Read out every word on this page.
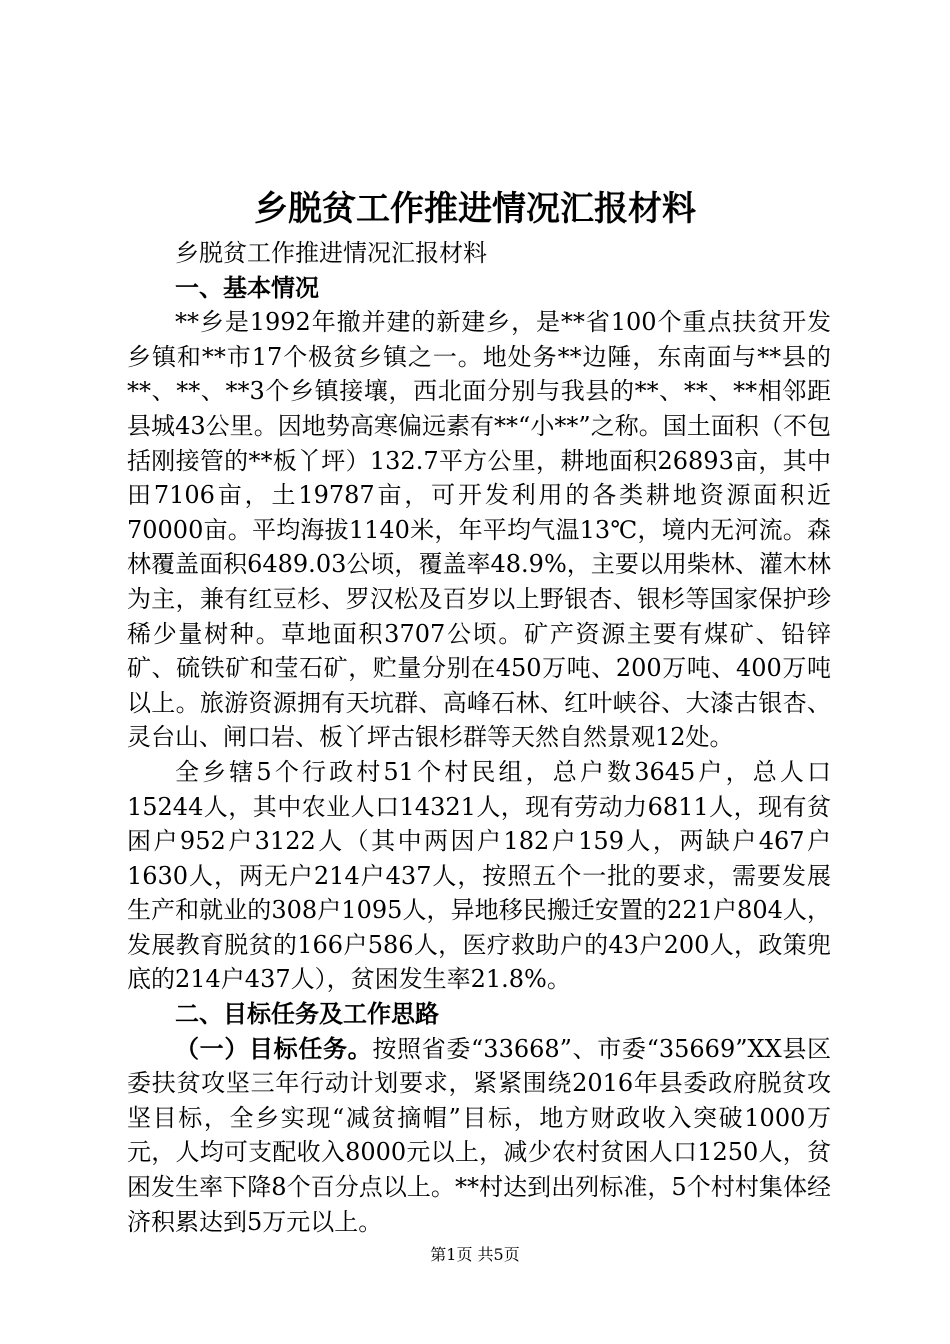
乡脱贫工作推进情况汇报材料

乡脱贫工作推进情况汇报材料

一、基本情况

**乡是1992年撤并建的新建乡，是**省100个重点扶贫开发乡镇和**市17个极贫乡镇之一。地处务**边陲，东南面与**县的**、**、**3个乡镇接壤，西北面分别与我县的**、**、**相邻距县城43公里。因地势高寒偏远素有**“小**”之称。国土面积（不包括刚接管的**板丫坪）132.7平方公里，耕地面积26893亩，其中田7106亩，土19787亩，可开发利用的各类耕地资源面积近70000亩。平均海拔1140米，年平均气温13℃，境内无河流。森林覆盖面积6489.03公顷，覆盖率48.9%，主要以用柴林、灌木林为主，兼有红豆杉、罗汉松及百岁以上野银杏、银杉等国家保护珍稀少量树种。草地面积3707公顷。矿产资源主要有煤矿、铅锌矿、硫铁矿和莹石矿，贮量分别在450万吨、200万吨、400万吨以上。旅游资源拥有天坑群、高峰石林、红叶峡谷、大漆古银杏、灵台山、闸口岩、板丫坪古银杉群等天然自然景观12处。

全乡辖5个行政村51个村民组，总户数3645户，总人口15244人，其中农业人口14321人，现有劳动力6811人，现有贫困户952户3122人（其中两因户182户159人，两缺户467户1630人，两无户214户437人，按照五个一批的要求，需要发展生产和就业的308户1095人，异地移民搬迁安置的221户804人，发展教育脱贫的166户586人，医疗救助户的43户200人，政策兜底的214户437人），贫困发生率21.8%。

二、目标任务及工作思路

（一）目标任务。按照省委“33668”、市委“35669”XX县区委扶贫攻坚三年行动计划要求，紧紧围绕2016年县委政府脱贫攻坚目标，全乡实现“减贫摘帽”目标，地方财政收入突破1000万元，人均可支配收入8000元以上，减少农村贫困人口1250人，贫困发生率下降8个百分点以上。**村达到出列标准，5个村村集体经济积累达到5万元以上。

第1页 共5页
